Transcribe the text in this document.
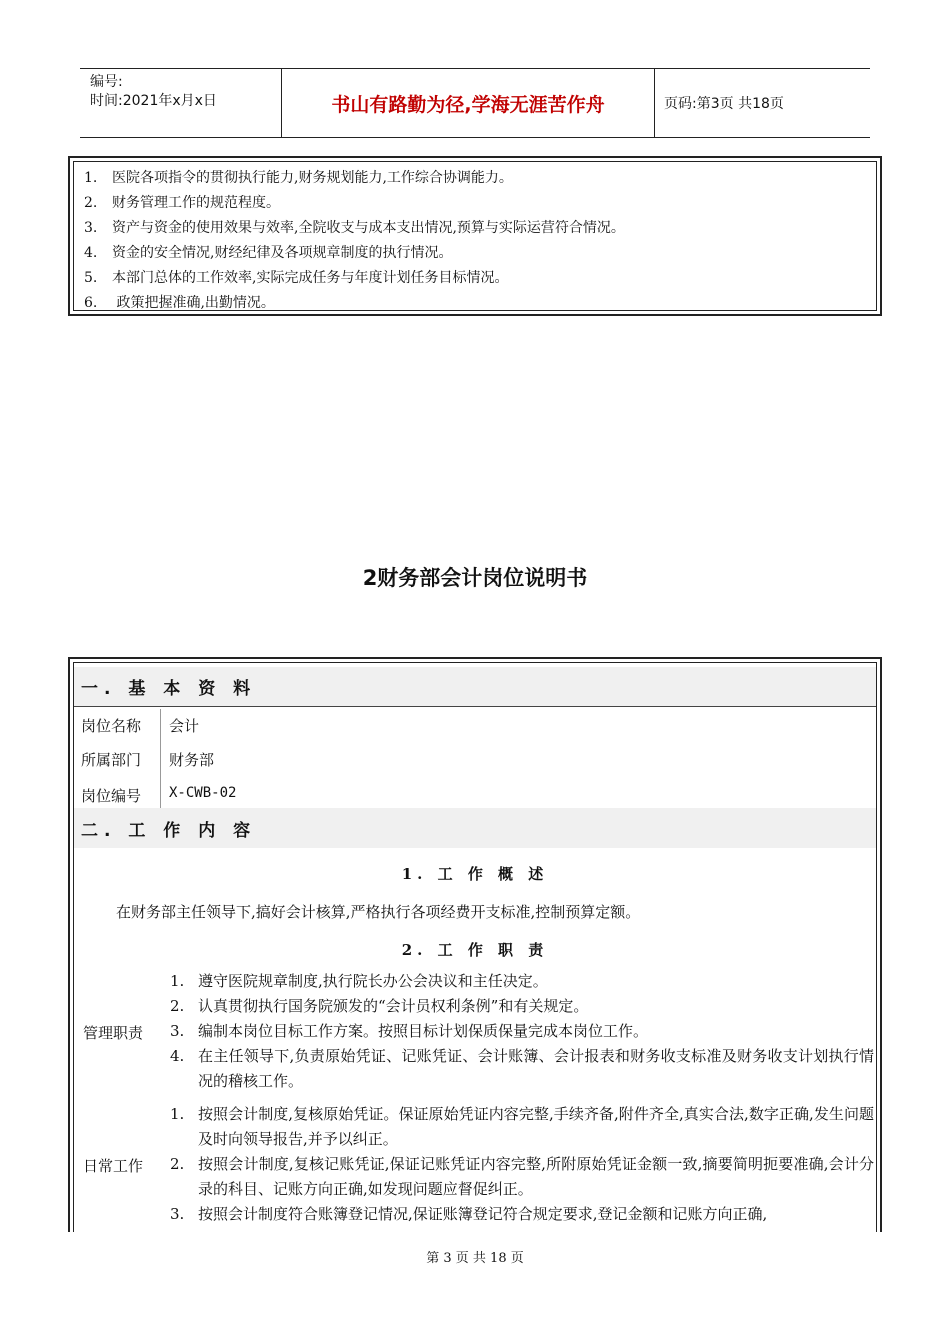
编号:
时间:2021年x月x日	书山有路勤为径,学海无涯苦作舟	页码:第3页 共18页
1. 医院各项指令的贯彻执行能力,财务规划能力,工作综合协调能力。
2. 财务管理工作的规范程度。
3. 资产与资金的使用效果与效率,全院收支与成本支出情况,预算与实际运营符合情况。
4. 资金的安全情况,财经纪律及各项规章制度的执行情况。
5. 本部门总体的工作效率,实际完成任务与年度计划任务目标情况。
6. 政策把握准确,出勤情况。
2财务部会计岗位说明书
一. 基 本 资 料
岗位名称 会计
所属部门 财务部
岗位编号 X-CWB-02
二. 工 作 内 容
1. 工 作 概 述
在财务部主任领导下,搞好会计核算,严格执行各项经费开支标准,控制预算定额。
2. 工 作 职 责
管理职责
1. 遵守医院规章制度,执行院长办公会决议和主任决定。
2. 认真贯彻执行国务院颁发的“会计员权利条例”和有关规定。
3. 编制本岗位目标工作方案。按照目标计划保质保量完成本岗位工作。
4. 在主任领导下,负责原始凭证、记账凭证、会计账簿、会计报表和财务收支标准及财务收支计划执行情况的稽核工作。
日常工作
1. 按照会计制度,复核原始凭证。保证原始凭证内容完整,手续齐备,附件齐全,真实合法,数字正确,发生问题及时向领导报告,并予以纠正。
2. 按照会计制度,复核记账凭证,保证记账凭证内容完整,所附原始凭证金额一致,摘要简明扼要准确,会计分录的科目、记账方向正确,如发现问题应督促纠正。
3. 按照会计制度符合账簿登记情况,保证账簿登记符合规定要求,登记金额和记账方向正确,
第 3 页 共 18 页
